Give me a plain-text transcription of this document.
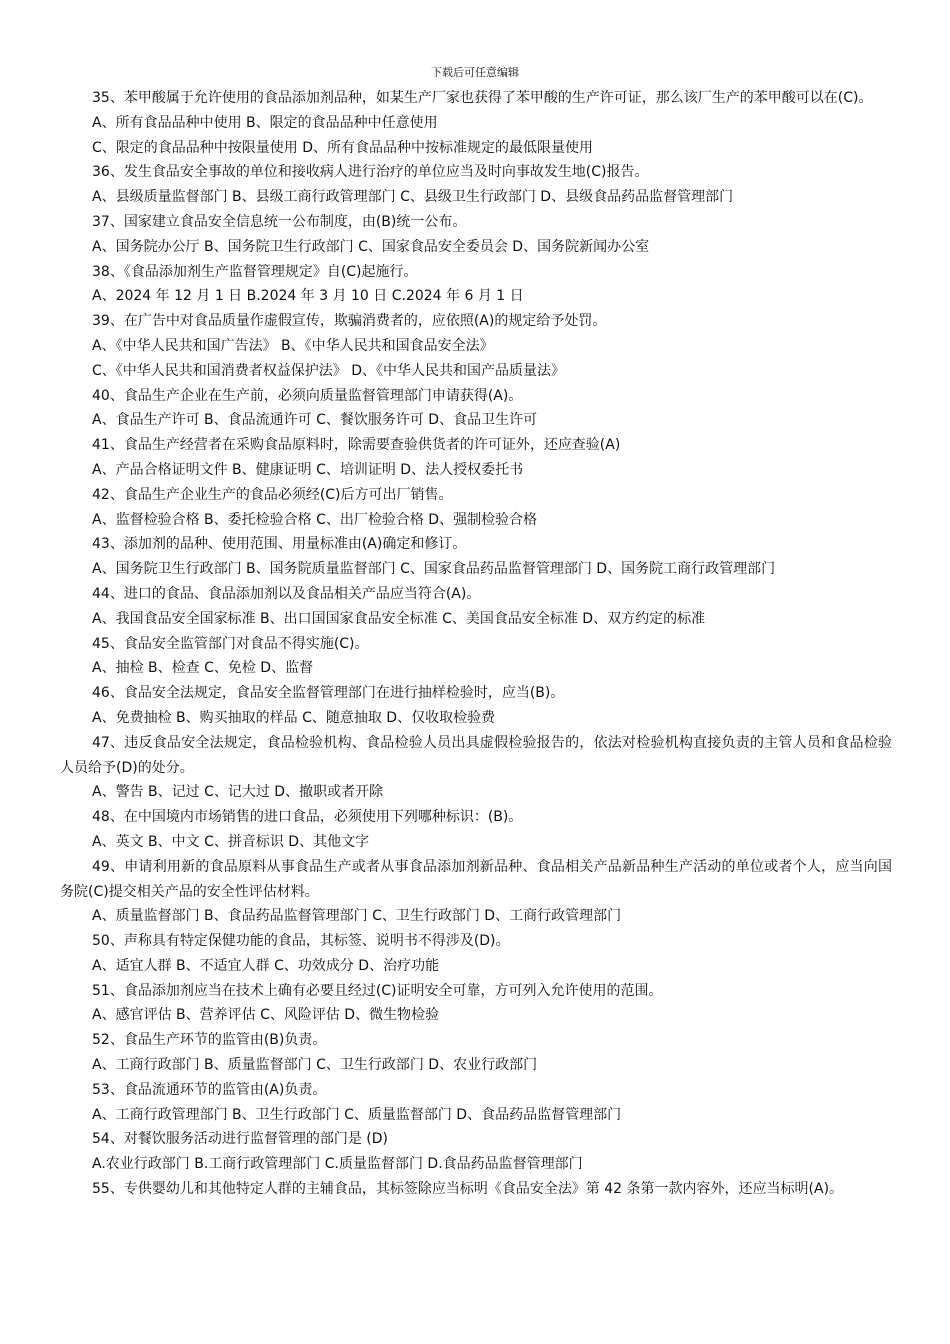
下载后可任意编辑

35、苯甲酸属于允许使用的食品添加剂品种，如某生产厂家也获得了苯甲酸的生产许可证，那么该厂生产的苯甲酸可以在(C)。

A、所有食品品种中使用 B、限定的食品品种中任意使用

C、限定的食品品种中按限量使用 D、所有食品品种中按标准规定的最低限量使用

36、发生食品安全事故的单位和接收病人进行治疗的单位应当及时向事故发生地(C)报告。

A、县级质量监督部门 B、县级工商行政管理部门 C、县级卫生行政部门 D、县级食品药品监督管理部门

37、国家建立食品安全信息统一公布制度，由(B)统一公布。

A、国务院办公厅 B、国务院卫生行政部门 C、国家食品安全委员会 D、国务院新闻办公室

38、《食品添加剂生产监督管理规定》自(C)起施行。

A、2024 年 12 月 1 日 B.2024 年 3 月 10 日 C.2024 年 6 月 1 日

39、在广告中对食品质量作虚假宣传，欺骗消费者的，应依照(A)的规定给予处罚。

A、《中华人民共和国广告法》 B、《中华人民共和国食品安全法》

C、《中华人民共和国消费者权益保护法》 D、《中华人民共和国产品质量法》

40、食品生产企业在生产前，必须向质量监督管理部门申请获得(A)。

A、食品生产许可 B、食品流通许可 C、餐饮服务许可 D、食品卫生许可

41、食品生产经营者在采购食品原料时，除需要查验供货者的许可证外，还应查验(A)

A、产品合格证明文件 B、健康证明 C、培训证明 D、法人授权委托书

42、食品生产企业生产的食品必须经(C)后方可出厂销售。

A、监督检验合格 B、委托检验合格 C、出厂检验合格 D、强制检验合格

43、添加剂的品种、使用范围、用量标准由(A)确定和修订。

A、国务院卫生行政部门 B、国务院质量监督部门 C、国家食品药品监督管理部门 D、国务院工商行政管理部门

44、进口的食品、食品添加剂以及食品相关产品应当符合(A)。

A、我国食品安全国家标准 B、出口国国家食品安全标准 C、美国食品安全标准 D、双方约定的标准

45、食品安全监管部门对食品不得实施(C)。

A、抽检 B、检查 C、免检 D、监督

46、食品安全法规定，食品安全监督管理部门在进行抽样检验时，应当(B)。

A、免费抽检 B、购买抽取的样品 C、随意抽取 D、仅收取检验费

47、违反食品安全法规定，食品检验机构、食品检验人员出具虚假检验报告的，依法对检验机构直接负责的主管人员和食品检验人员给予(D)的处分。

A、警告 B、记过 C、记大过 D、撤职或者开除

48、在中国境内市场销售的进口食品，必须使用下列哪种标识：(B)。

A、英文 B、中文 C、拼音标识 D、其他文字

49、申请利用新的食品原料从事食品生产或者从事食品添加剂新品种、食品相关产品新品种生产活动的单位或者个人，应当向国务院(C)提交相关产品的安全性评估材料。

A、质量监督部门 B、食品药品监督管理部门 C、卫生行政部门 D、工商行政管理部门

50、声称具有特定保健功能的食品，其标签、说明书不得涉及(D)。

A、适宜人群 B、不适宜人群 C、功效成分 D、治疗功能

51、食品添加剂应当在技术上确有必要且经过(C)证明安全可靠，方可列入允许使用的范围。

A、感官评估 B、营养评估 C、风险评估 D、微生物检验

52、食品生产环节的监管由(B)负责。

A、工商行政部门 B、质量监督部门 C、卫生行政部门 D、农业行政部门

53、食品流通环节的监管由(A)负责。

A、工商行政管理部门 B、卫生行政部门 C、质量监督部门 D、食品药品监督管理部门

54、对餐饮服务活动进行监督管理的部门是 (D)

A.农业行政部门 B.工商行政管理部门 C.质量监督部门 D.食品药品监督管理部门

55、专供婴幼儿和其他特定人群的主辅食品，其标签除应当标明《食品安全法》第 42 条第一款内容外，还应当标明(A)。
